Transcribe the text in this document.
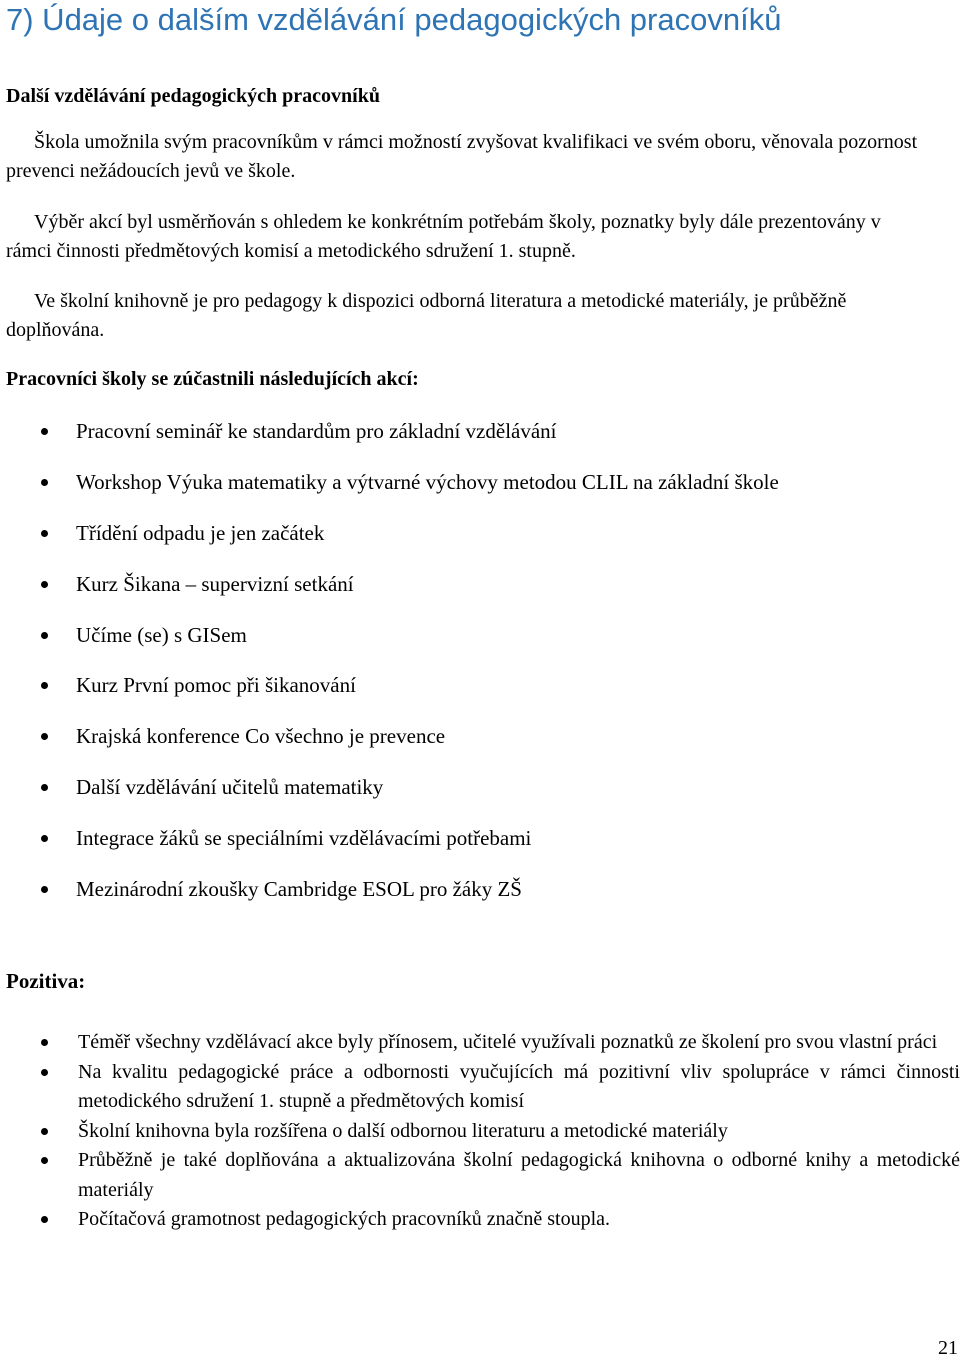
7) Údaje o dalším vzdělávání pedagogických pracovníků
Další vzdělávání pedagogických pracovníků

Škola umožnila svým pracovníkům v rámci možností zvyšovat kvalifikaci ve svém oboru, věnovala pozornost prevenci nežádoucích jevů ve škole.

Výběr akcí byl usměrňován s ohledem ke konkrétním potřebám školy, poznatky byly dále prezentovány v rámci činnosti předmětových komisí a metodického sdružení 1. stupně.

Ve školní knihovně je pro pedagogy k dispozici odborná literatura a metodické materiály, je průběžně doplňována.

Pracovníci školy se zúčastnili následujících akcí:

Pracovní seminář ke standardům pro základní vzdělávání
Workshop Výuka matematiky a výtvarné výchovy metodou CLIL na základní škole
Třídění odpadu je jen začátek
Kurz Šikana – supervizní setkání
Učíme (se) s GISem
Kurz První pomoc při šikanování
Krajská konference Co všechno je prevence
Další vzdělávání učitelů matematiky
Integrace žáků se speciálními vzdělávacími potřebami
Mezinárodní zkoušky Cambridge ESOL pro žáky ZŠ
Pozitiva:
Téměř všechny vzdělávací akce byly přínosem, učitelé využívali poznatků ze školení pro svou vlastní práci
Na kvalitu pedagogické práce a odbornosti vyučujících má pozitivní vliv spolupráce v rámci činnosti metodického sdružení 1. stupně a předmětových komisí
Školní knihovna byla rozšířena o další odbornou literaturu a metodické materiály
Průběžně je také doplňována a aktualizována školní pedagogická knihovna o odborné knihy a metodické materiály
Počítačová gramotnost pedagogických pracovníků značně stoupla.

21
